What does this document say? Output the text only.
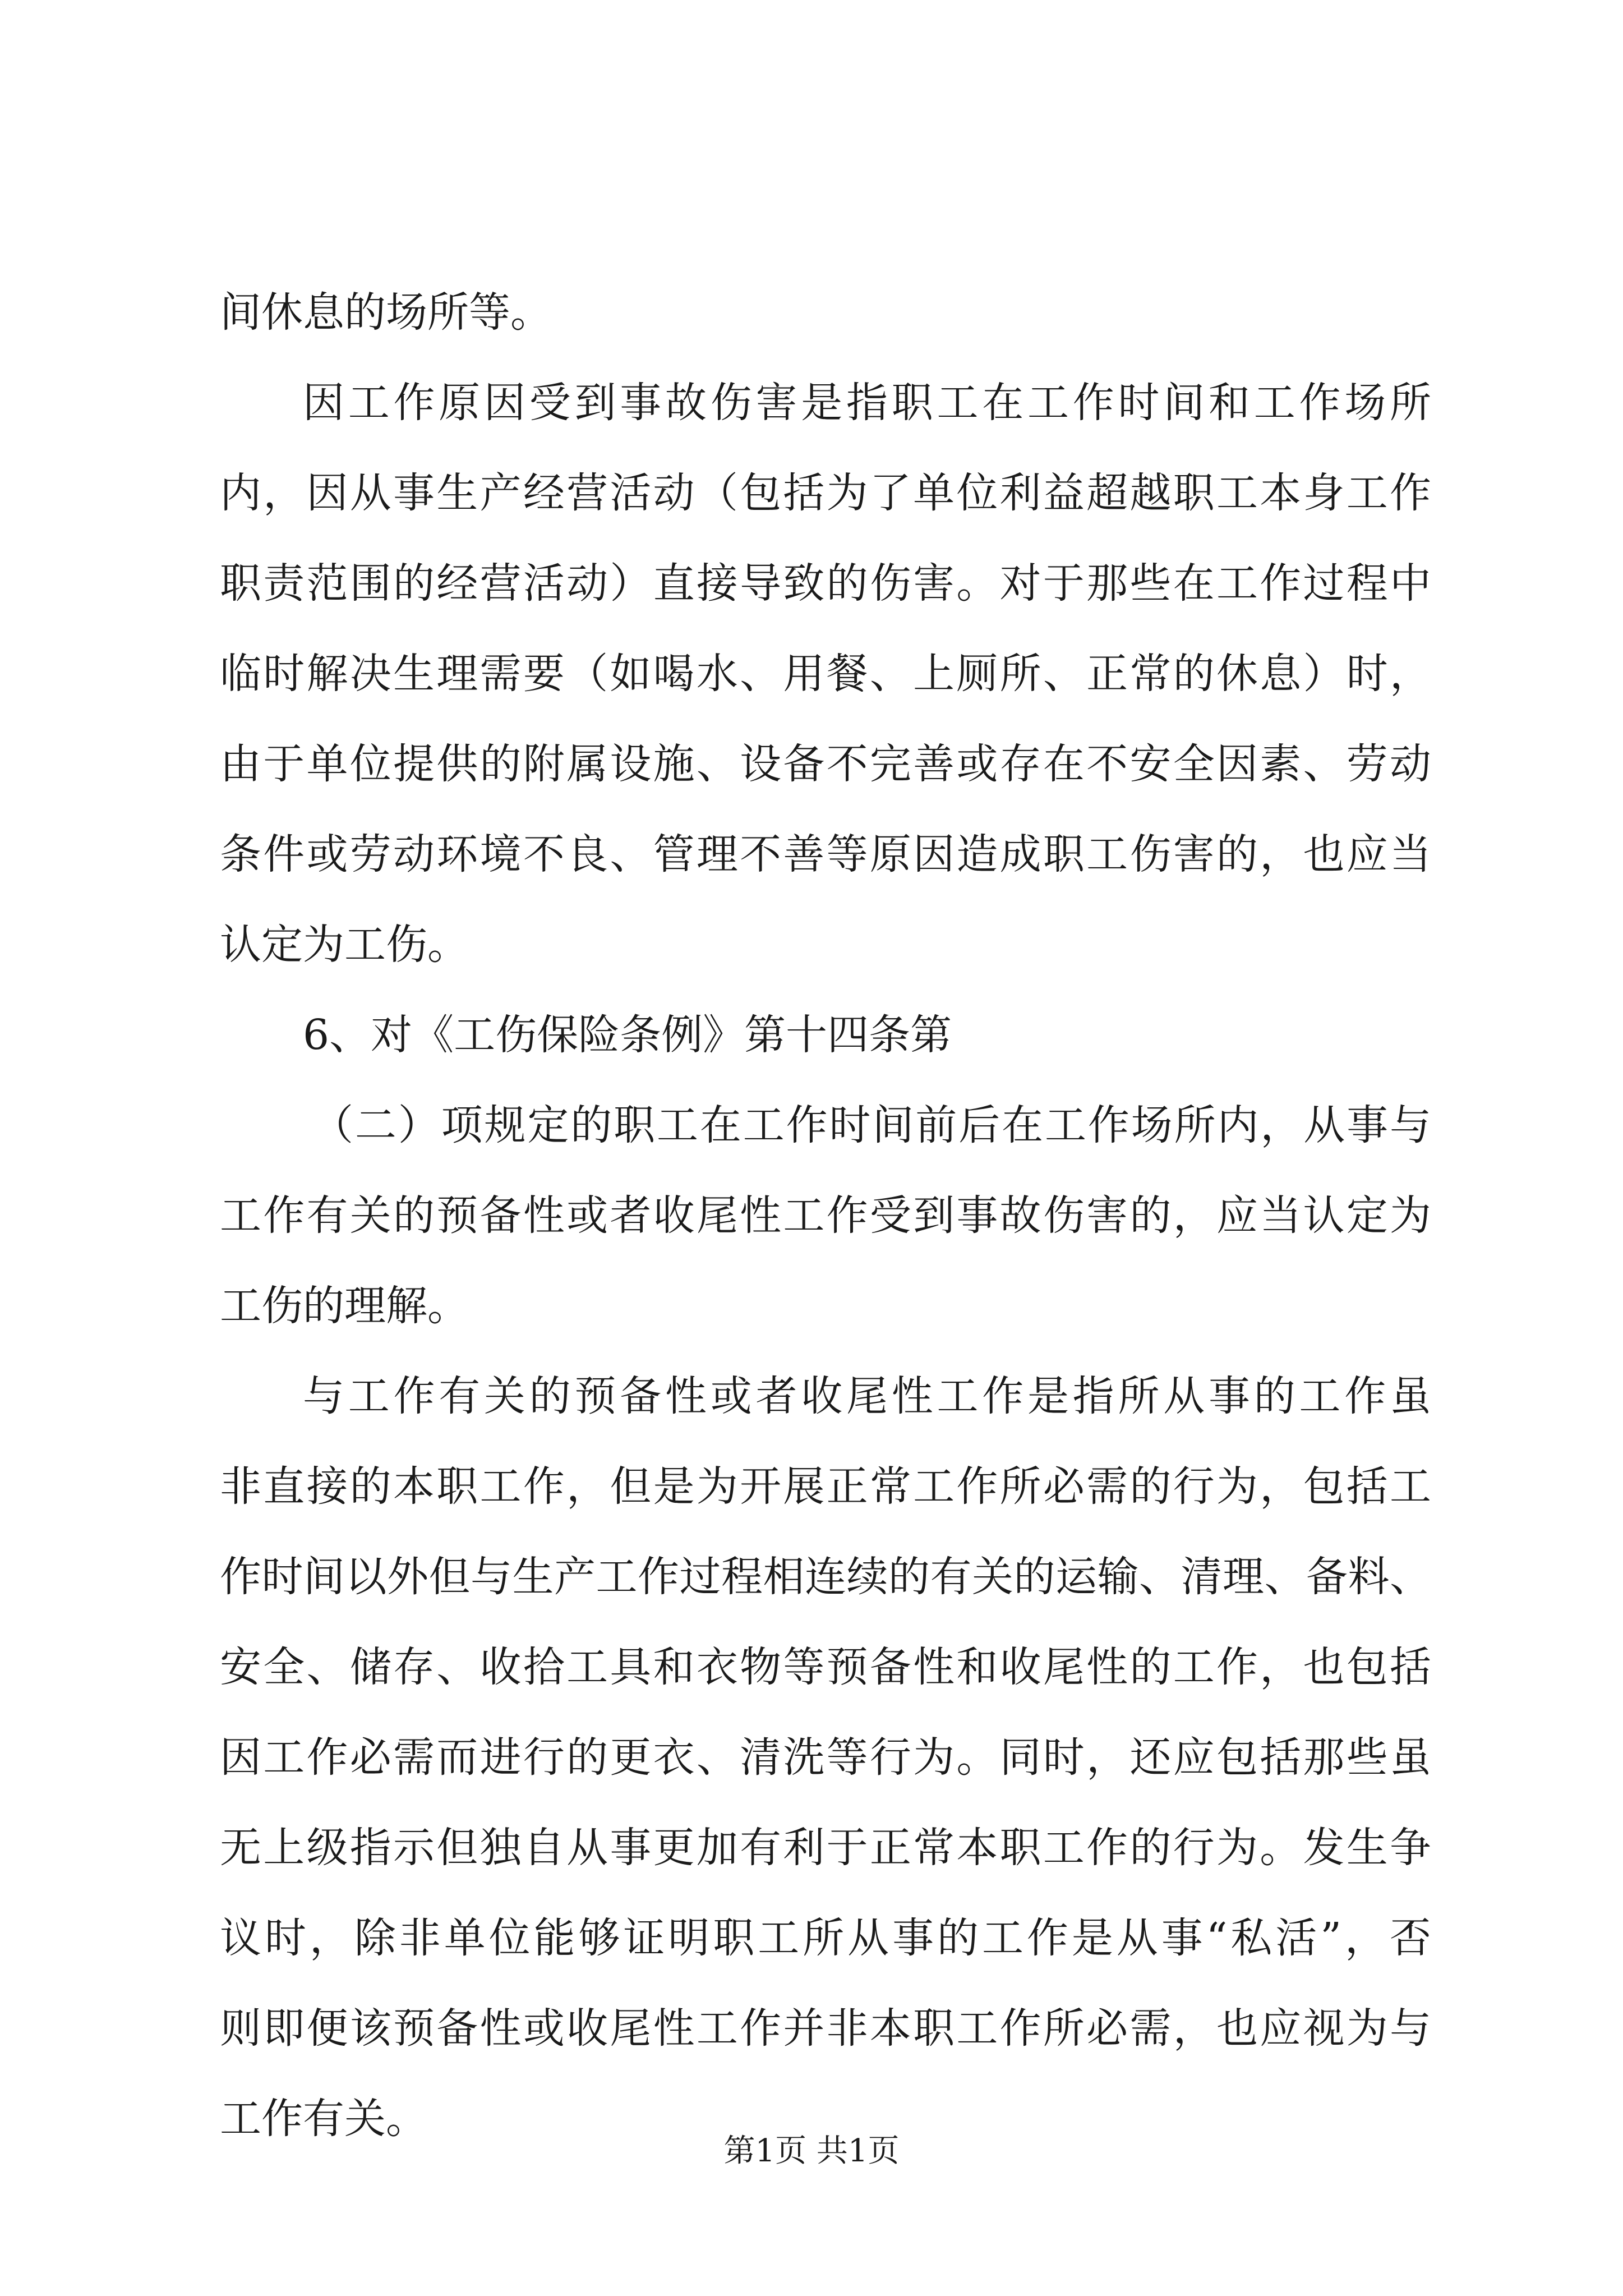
间休息的场所等。
因工作原因受到事故伤害是指职工在工作时间和工作场所
内，因从事生产经营活动（包括为了单位利益超越职工本身工作
职责范围的经营活动）直接导致的伤害。对于那些在工作过程中
临时解决生理需要（如喝水、用餐、上厕所、正常的休息）时，
由于单位提供的附属设施、设备不完善或存在不安全因素、劳动
条件或劳动环境不良、管理不善等原因造成职工伤害的，也应当
认定为工伤。
6、对《工伤保险条例》第十四条第
（二）项规定的职工在工作时间前后在工作场所内，从事与
工作有关的预备性或者收尾性工作受到事故伤害的，应当认定为
工伤的理解。
与工作有关的预备性或者收尾性工作是指所从事的工作虽
非直接的本职工作，但是为开展正常工作所必需的行为，包括工
作时间以外但与生产工作过程相连续的有关的运输、清理、备料、
安全、储存、收拾工具和衣物等预备性和收尾性的工作，也包括
因工作必需而进行的更衣、清洗等行为。同时，还应包括那些虽
无上级指示但独自从事更加有利于正常本职工作的行为。发生争
议时，除非单位能够证明职工所从事的工作是从事“私活”，否
则即便该预备性或收尾性工作并非本职工作所必需，也应视为与
工作有关。
第1页 共1页
